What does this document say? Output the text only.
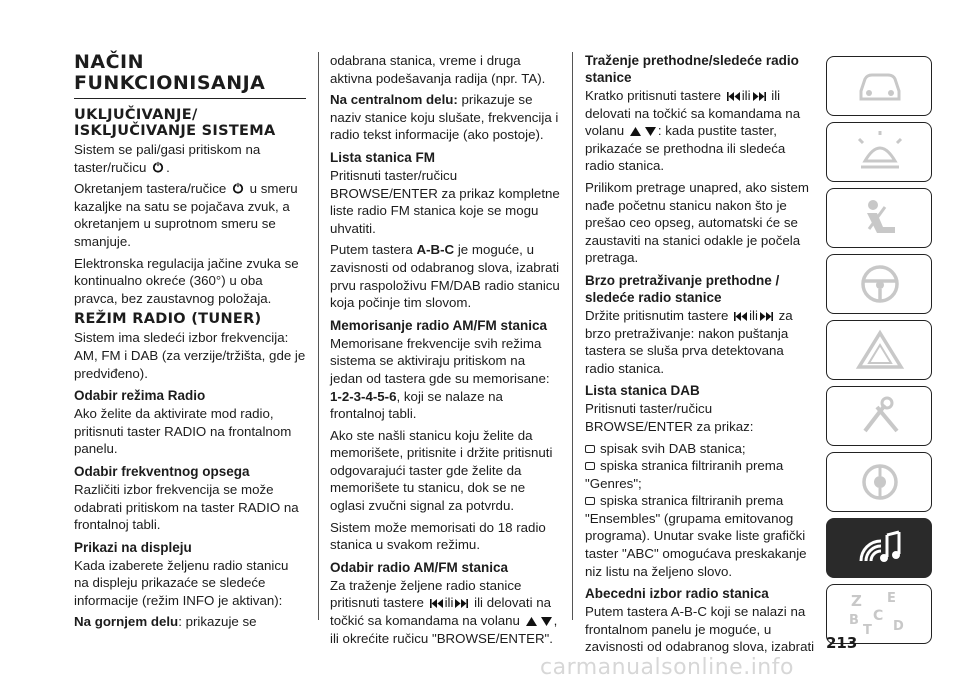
NAČIN FUNKCIONISANJA
UKLJUČIVANJE/ ISKLJUČIVANJE SISTEMA

Sistem se pali/gasi pritiskom na taster/ručicu .

Okretanjem tastera/ručice u smeru kazaljke na satu se pojačava zvuk, a okretanjem u suprotnom smeru se smanjuje.

Elektronska regulacija jačine zvuka se kontinualno okreće (360°) u oba pravca, bez zaustavnog položaja.

REŽIM RADIO (TUNER)

Sistem ima sledeći izbor frekvencija: AM, FM i DAB (za verzije/tržišta, gde je predviđeno).

Odabir režima Radio

Ako želite da aktivirate mod radio, pritisnuti taster RADIO na frontalnom panelu.

Odabir frekventnog opsega

Različiti izbor frekvencija se može odabrati pritiskom na taster RADIO na frontalnoj tabli.

Prikazi na displeju

Kada izaberete željenu radio stanicu na displeju prikazaće se sledeće informacije (režim INFO je aktivan):

Na gornjem delu: prikazuje se

odabrana stanica, vreme i druga aktivna podešavanja radija (npr. TA).

Na centralnom delu: prikazuje se naziv stanice koju slušate, frekvencija i radio tekst informacije (ako postoje).

Lista stanica FM

Pritisnuti taster/ručicu BROWSE/ENTER za prikaz kompletne liste radio FM stanica koje se mogu uhvatiti.

Putem tastera A-B-C je moguće, u zavisnosti od odabranog slova, izabrati prvu raspoloživu FM/DAB radio stanicu koja počinje tim slovom.

Memorisanje radio AM/FM stanica

Memorisane frekvencije svih režima sistema se aktiviraju pritiskom na jedan od tastera gde su memorisane: 1-2-3-4-5-6, koji se nalaze na frontalnoj tabli.

Ako ste našli stanicu koju želite da memorišete, pritisnite i držite pritisnuti odgovarajući taster gde želite da memorišete tu stanicu, dok se ne oglasi zvučni signal za potvrdu.

Sistem može memorisati do 18 radio stanica u svakom režimu.

Odabir radio AM/FM stanica

Za traženje željene radio stanice pritisnuti tastere ili ili delovati na točkić sa komandama na volanu	, ili okrećite ručicu "BROWSE/ENTER".

Traženje prethodne/sledeće radio stanice

Kratko pritisnuti tastere ili ili delovati na točkić sa komandama na volanu	: kada pustite taster, prikazaće se prethodna ili sledeća radio stanica.

Prilikom pretrage unapred, ako sistem nađe početnu stanicu nakon što je prešao ceo opseg, automatski će se zaustaviti na stanici odakle je počela pretraga.

Brzo pretraživanje prethodne / sledeće radio stanice

Držite pritisnutim tastere ili za brzo pretraživanje: nakon puštanja tastera se sluša prva detektovana radio stanica.

Lista stanica DAB

Pritisnuti taster/ručicu BROWSE/ENTER za prikaz:

spisak svih DAB stanica;

spiska stranica filtriranih prema "Genres";

spiska stranica filtriranih prema "Ensembles" (grupama emitovanog programa). Unutar svake liste grafički taster "ABC" omogućava preskakanje niz listu na željeno slovo.

Abecedni izbor radio stanica

Putem tastera A-B-C koji se nalazi na frontalnom panelu je moguće, u zavisnosti od odabranog slova, izabrati

Z E
B C
T D
213
carmanualsonline.info
